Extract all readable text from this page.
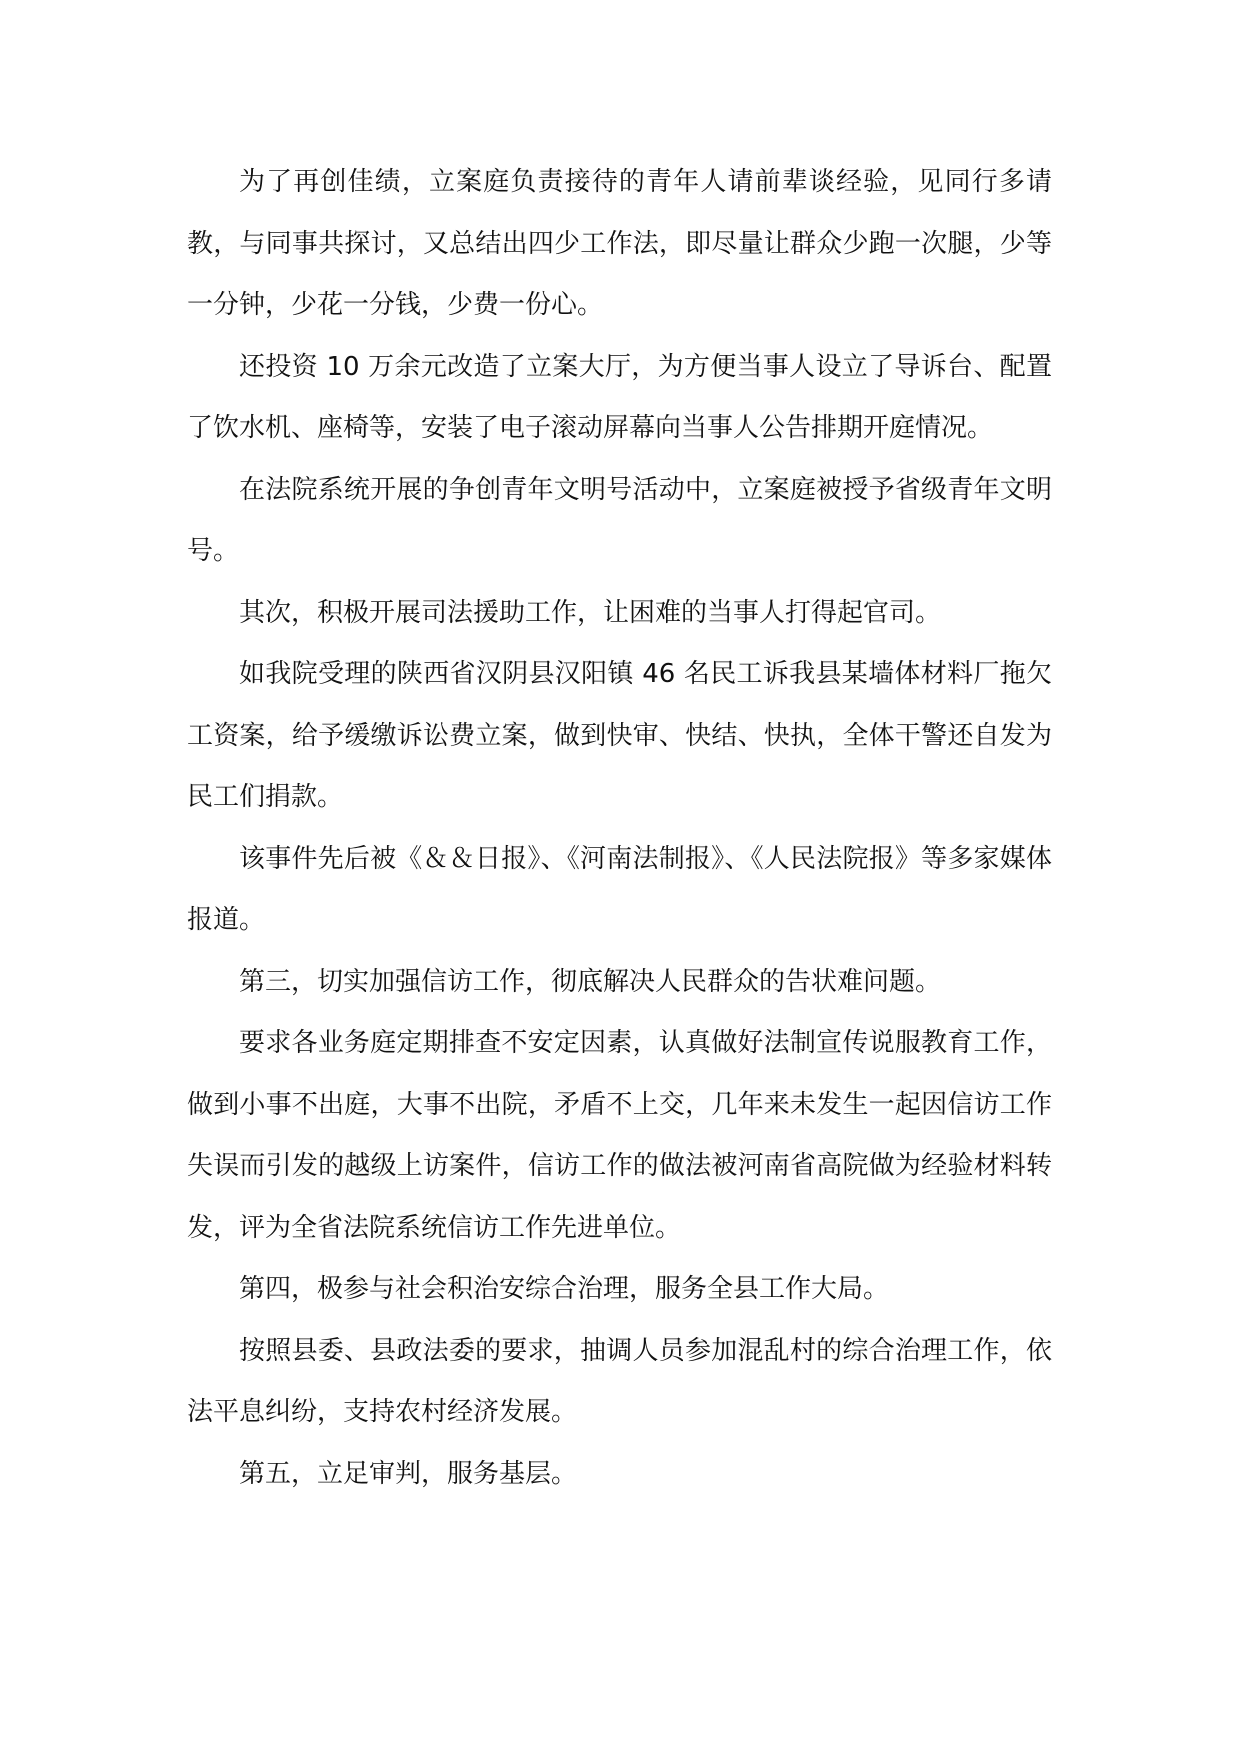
为了再创佳绩，立案庭负责接待的青年人请前辈谈经验，见同行多请教，与同事共探讨，又总结出四少工作法，即尽量让群众少跑一次腿，少等一分钟，少花一分钱，少费一份心。

还投资 10 万余元改造了立案大厅，为方便当事人设立了导诉台、配置了饮水机、座椅等，安装了电子滚动屏幕向当事人公告排期开庭情况。

在法院系统开展的争创青年文明号活动中，立案庭被授予省级青年文明号。

其次，积极开展司法援助工作，让困难的当事人打得起官司。

如我院受理的陕西省汉阴县汉阳镇 46 名民工诉我县某墙体材料厂拖欠工资案，给予缓缴诉讼费立案，做到快审、快结、快执，全体干警还自发为民工们捐款。

该事件先后被《＆＆日报》、《河南法制报》、《人民法院报》等多家媒体报道。

第三，切实加强信访工作，彻底解决人民群众的告状难问题。

要求各业务庭定期排查不安定因素，认真做好法制宣传说服教育工作，做到小事不出庭，大事不出院，矛盾不上交，几年来未发生一起因信访工作失误而引发的越级上访案件，信访工作的做法被河南省高院做为经验材料转发，评为全省法院系统信访工作先进单位。

第四，极参与社会积治安综合治理，服务全县工作大局。

按照县委、县政法委的要求，抽调人员参加混乱村的综合治理工作，依法平息纠纷，支持农村经济发展。

第五，立足审判，服务基层。
